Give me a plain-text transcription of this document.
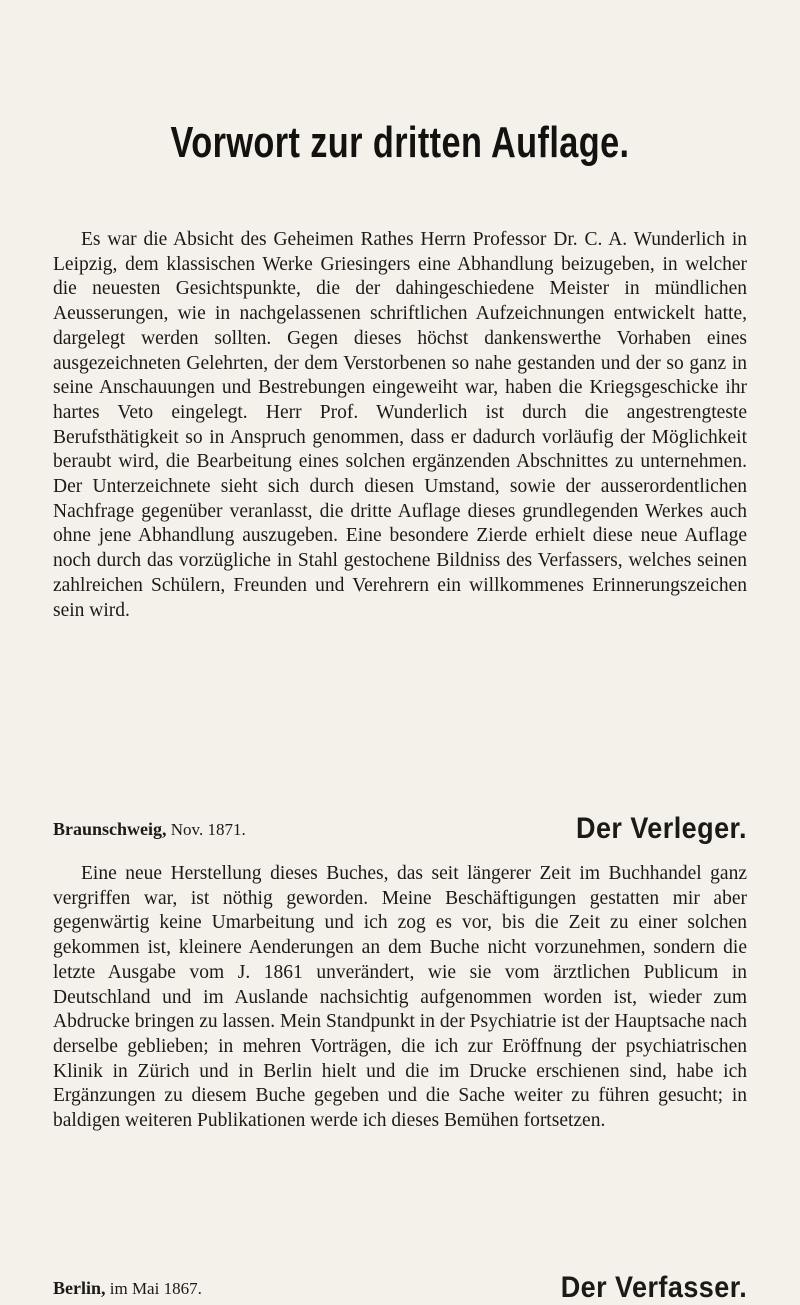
Vorwort zur dritten Auflage.

Es war die Absicht des Geheimen Rathes Herrn Professor Dr. C. A. Wunderlich in Leipzig, dem klassischen Werke Griesingers eine Abhandlung beizugeben, in welcher die neuesten Gesichtspunkte, die der dahingeschiedene Meister in mündlichen Aeusserungen, wie in nachgelassenen schriftlichen Aufzeichnungen entwickelt hatte, dargelegt werden sollten. Gegen dieses höchst dankenswerthe Vorhaben eines ausgezeichneten Gelehrten, der dem Verstorbenen so nahe gestanden und der so ganz in seine Anschauungen und Bestrebungen eingeweiht war, haben die Kriegsgeschicke ihr hartes Veto eingelegt. Herr Prof. Wunderlich ist durch die angestrengteste Berufsthätigkeit so in Anspruch genommen, dass er dadurch vorläufig der Möglichkeit beraubt wird, die Bearbeitung eines solchen ergänzenden Abschnittes zu unternehmen. Der Unterzeichnete sieht sich durch diesen Umstand, sowie der ausserordentlichen Nachfrage gegenüber veranlasst, die dritte Auflage dieses grundlegenden Werkes auch ohne jene Abhandlung auszugeben. Eine besondere Zierde erhielt diese neue Auflage noch durch das vorzügliche in Stahl gestochene Bildniss des Verfassers, welches seinen zahlreichen Schülern, Freunden und Verehrern ein willkommenes Erinnerungszeichen sein wird.

Braunschweig, Nov. 1871.	Der Verleger.

Eine neue Herstellung dieses Buches, das seit längerer Zeit im Buchhandel ganz vergriffen war, ist nöthig geworden. Meine Beschäftigungen gestatten mir aber gegenwärtig keine Umarbeitung und ich zog es vor, bis die Zeit zu einer solchen gekommen ist, kleinere Aenderungen an dem Buche nicht vorzunehmen, sondern die letzte Ausgabe vom J. 1861 unverändert, wie sie vom ärztlichen Publicum in Deutschland und im Auslande nachsichtig aufgenommen worden ist, wieder zum Abdrucke bringen zu lassen. Mein Standpunkt in der Psychiatrie ist der Hauptsache nach derselbe geblieben; in mehren Vorträgen, die ich zur Eröffnung der psychiatrischen Klinik in Zürich und in Berlin hielt und die im Drucke erschienen sind, habe ich Ergänzungen zu diesem Buche gegeben und die Sache weiter zu führen gesucht; in baldigen weiteren Publikationen werde ich dieses Bemühen fortsetzen.

Berlin, im Mai 1867.	Der Verfasser.
